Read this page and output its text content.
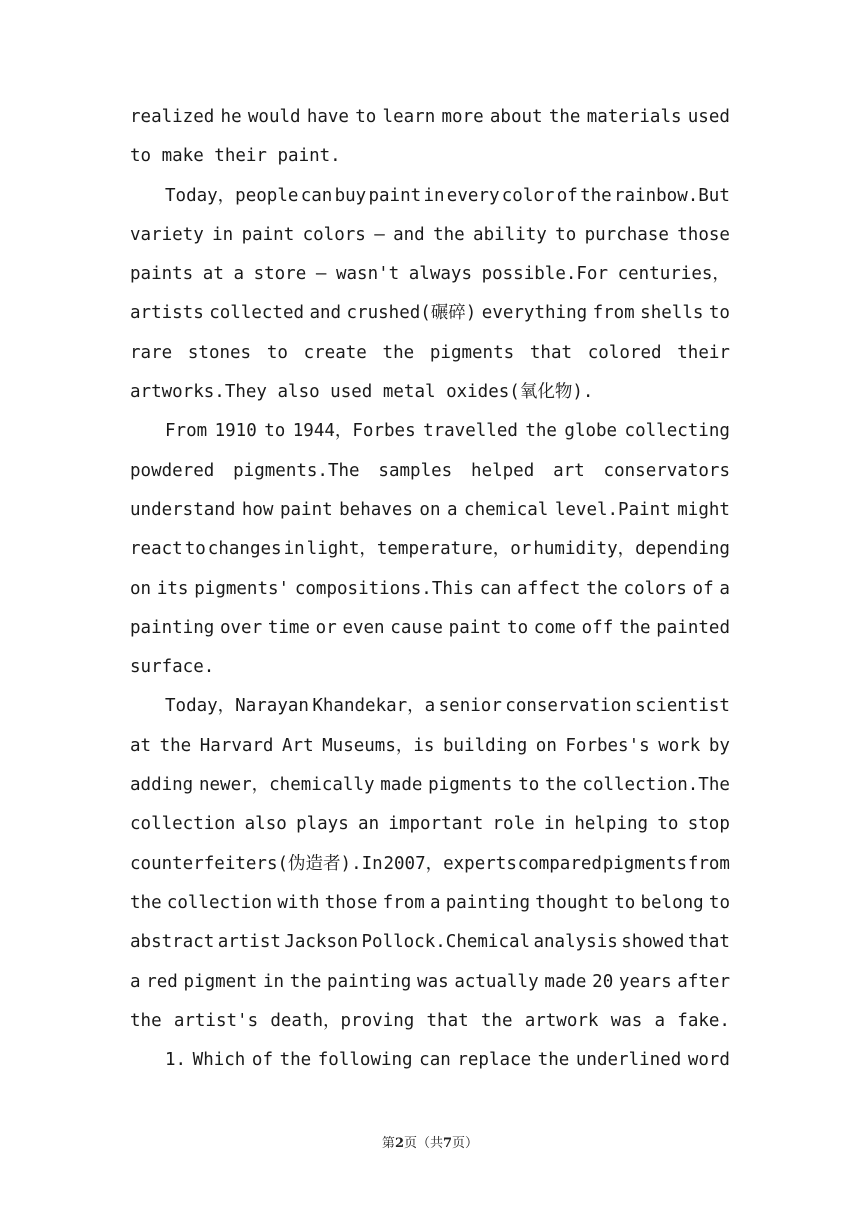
realized he would have to learn more about the materials used
to make their paint.
Today，people can buy paint in every color of the rainbow.But
variety in paint colors — and the ability to purchase those
paints at a store — wasn't always possible.For centuries，
artists collected and crushed(碾碎) everything from shells to
rare stones to create the pigments that colored their
artworks.They also used metal oxides(氧化物).
From 1910 to 1944，Forbes travelled the globe collecting
powdered pigments.The samples helped art conservators
understand how paint behaves on a chemical level.Paint might
react to changes in light，temperature，or humidity，depending
on its pigments' compositions.This can affect the colors of a
painting over time or even cause paint to come off the painted
surface.
Today，Narayan Khandekar，a senior conservation scientist
at the Harvard Art Museums，is building on Forbes's work by
adding newer，chemically made pigments to the collection.The
collection also plays an important role in helping to stop
counterfeiters(伪造者).In 2007，experts compared pigments from
the collection with those from a painting thought to belong to
abstract artist Jackson Pollock.Chemical analysis showed that
a red pigment in the painting was actually made 20 years after
the artist's death，proving that the artwork was a fake.
1. Which of the following can replace the underlined word
第2页（共7页）
